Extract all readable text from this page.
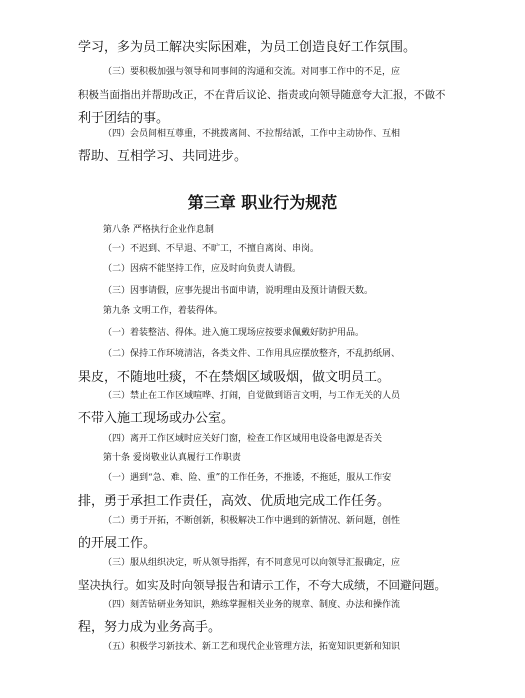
学习，多为员工解决实际困难，为员工创造良好工作氛围。

（三）要积极加强与领导和同事间的沟通和交流。对同事工作中的不足，应

积极当面指出并帮助改正，不在背后议论、指责或向领导随意夸大汇报，不做不

利于团结的事。

（四）会员间相互尊重，不挑拨离间、不拉帮结派，工作中主动协作、互相

帮助、互相学习、共同进步。

第三章 职业行为规范

第八条 严格执行企业作息制

（一）不迟到、不早退、不旷工，不擅自离岗、串岗。

（二）因病不能坚持工作，应及时向负责人请假。

（三）因事请假，应事先提出书面申请，说明理由及预计请假天数。

第九条 文明工作，着装得体。

（一）着装整洁、得体。进入施工现场应按要求佩戴好防护用品。

（二）保持工作环境清洁，各类文件、工作用具应摆放整齐，不乱扔纸屑、

果皮，不随地吐痰，不在禁烟区域吸烟，做文明员工。

（三）禁止在工作区域喧哗、打闹，自觉做到语言文明，与工作无关的人员

不带入施工现场或办公室。

（四）离开工作区域时应关好门窗，检查工作区域用电设备电源是否关

第十条 爱岗敬业认真履行工作职责

（一）遇到“急、难、险、重”的工作任务，不推诿，不拖延，服从工作安

排，勇于承担工作责任，高效、优质地完成工作任务。

（二）勇于开拓，不断创新，积极解决工作中遇到的新情况、新问题，创性

的开展工作。

（三）服从组织决定，听从领导指挥，有不同意见可以向领导汇报确定，应

坚决执行。如实及时向领导报告和请示工作，不夸大成绩，不回避问题。

（四）刻苦钻研业务知识，熟练掌握相关业务的规章、制度、办法和操作流

程，努力成为业务高手。

（五）积极学习新技术、新工艺和现代企业管理方法，拓宽知识更新和知识
